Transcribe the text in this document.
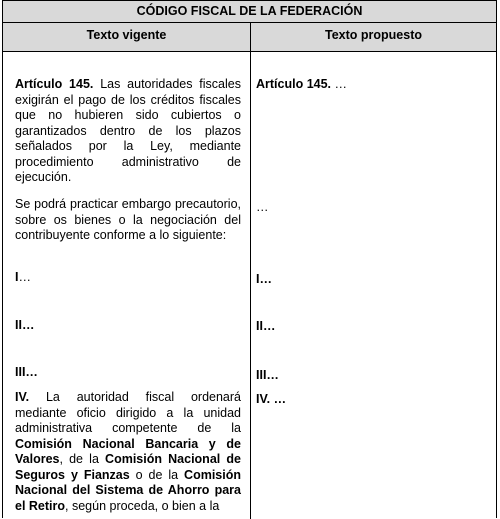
CÓDIGO FISCAL DE LA FEDERACIÓN
Texto vigente	Texto propuesto
Artículo 145. Las autoridades fiscales exigirán el pago de los créditos fiscales que no hubieren sido cubiertos o garantizados dentro de los plazos señalados por la Ley, mediante procedimiento administrativo de ejecución.
Se podrá practicar embargo precautorio, sobre os bienes o la negociación del contribuyente conforme a lo siguiente:
I…
II…
III…
IV. La autoridad fiscal ordenará mediante oficio dirigido a la unidad administrativa competente de la Comisión Nacional Bancaria y de Valores, de la Comisión Nacional de Seguros y Fianzas o de la Comisión Nacional del Sistema de Ahorro para el Retiro, según proceda, o bien a la
Artículo 145. …
…
I…
II…
III…
IV. …
